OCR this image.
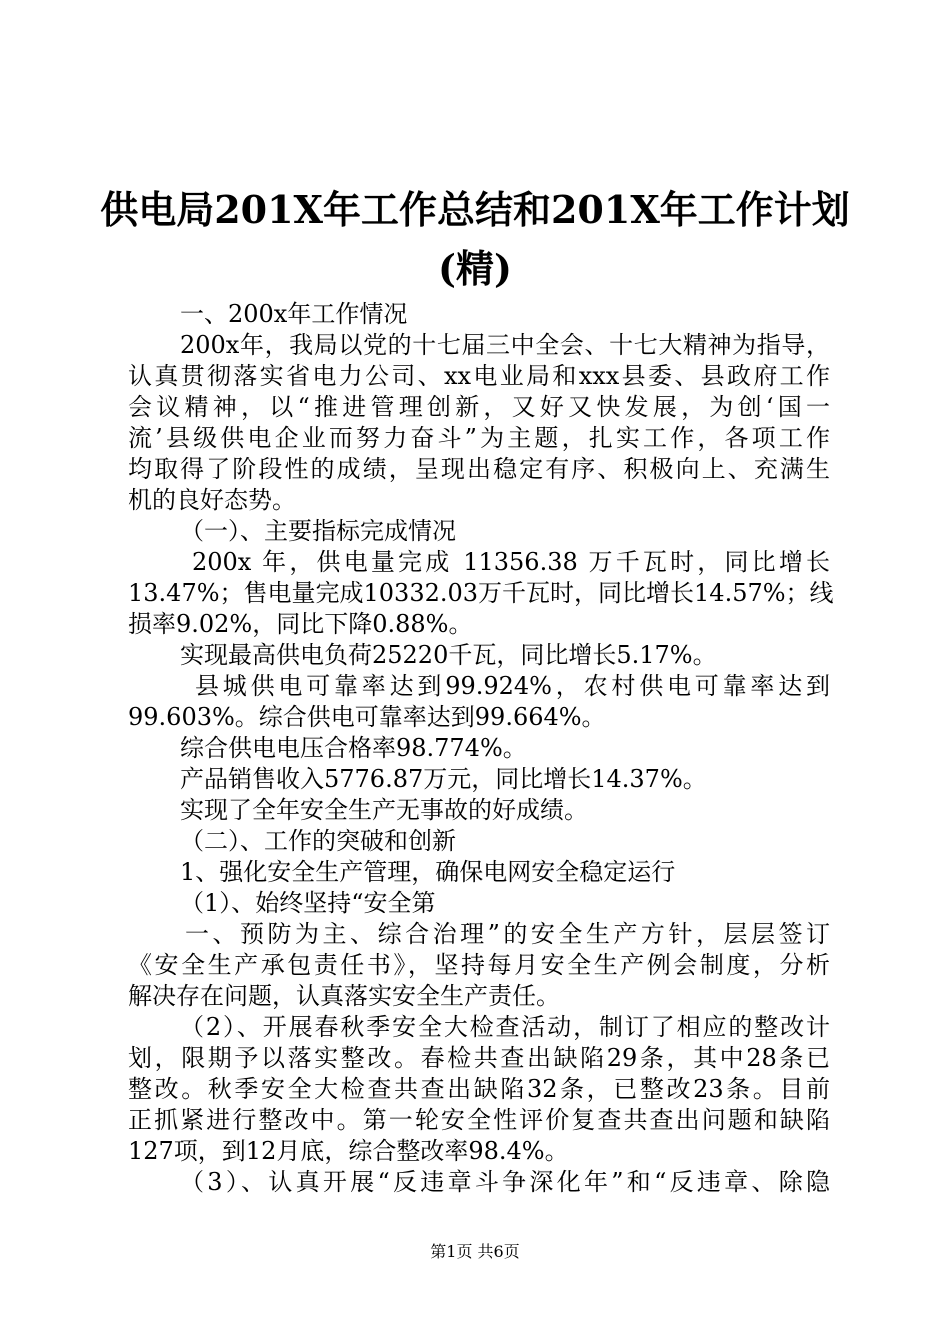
供电局201X年工作总结和201X年工作计划
(精)

一、200x年工作情况

200x年，我局以党的十七届三中全会、十七大精神为指导，

认真贯彻落实省电力公司、xx电业局和xxx县委、县政府工作

会议精神，以“推进管理创新，又好又快发展，为创‘国一

流’县级供电企业而努力奋斗”为主题，扎实工作，各项工作

均取得了阶段性的成绩，呈现出稳定有序、积极向上、充满生

机的良好态势。

（一）、主要指标完成情况

200x 年，供电量完成 11356.38 万千瓦时，同比增长

13.47%；售电量完成10332.03万千瓦时，同比增长14.57%；线

损率9.02%，同比下降0.88%。

实现最高供电负荷25220千瓦，同比增长5.17%。

县城供电可靠率达到99.924%，农村供电可靠率达到

99.603%。综合供电可靠率达到99.664%。

综合供电电压合格率98.774%。

产品销售收入5776.87万元，同比增长14.37%。

实现了全年安全生产无事故的好成绩。

（二）、工作的突破和创新

1、强化安全生产管理，确保电网安全稳定运行

（1）、始终坚持“安全第

一、预防为主、综合治理”的安全生产方针，层层签订

《安全生产承包责任书》，坚持每月安全生产例会制度，分析

解决存在问题，认真落实安全生产责任。

（2）、开展春秋季安全大检查活动，制订了相应的整改计

划，限期予以落实整改。春检共查出缺陷29条，其中28条已

整改。秋季安全大检查共查出缺陷32条，已整改23条。目前

正抓紧进行整改中。第一轮安全性评价复查共查出问题和缺陷

127项，到12月底，综合整改率98.4%。

（3）、认真开展“反违章斗争深化年”和“反违章、除隐

第1页 共6页
